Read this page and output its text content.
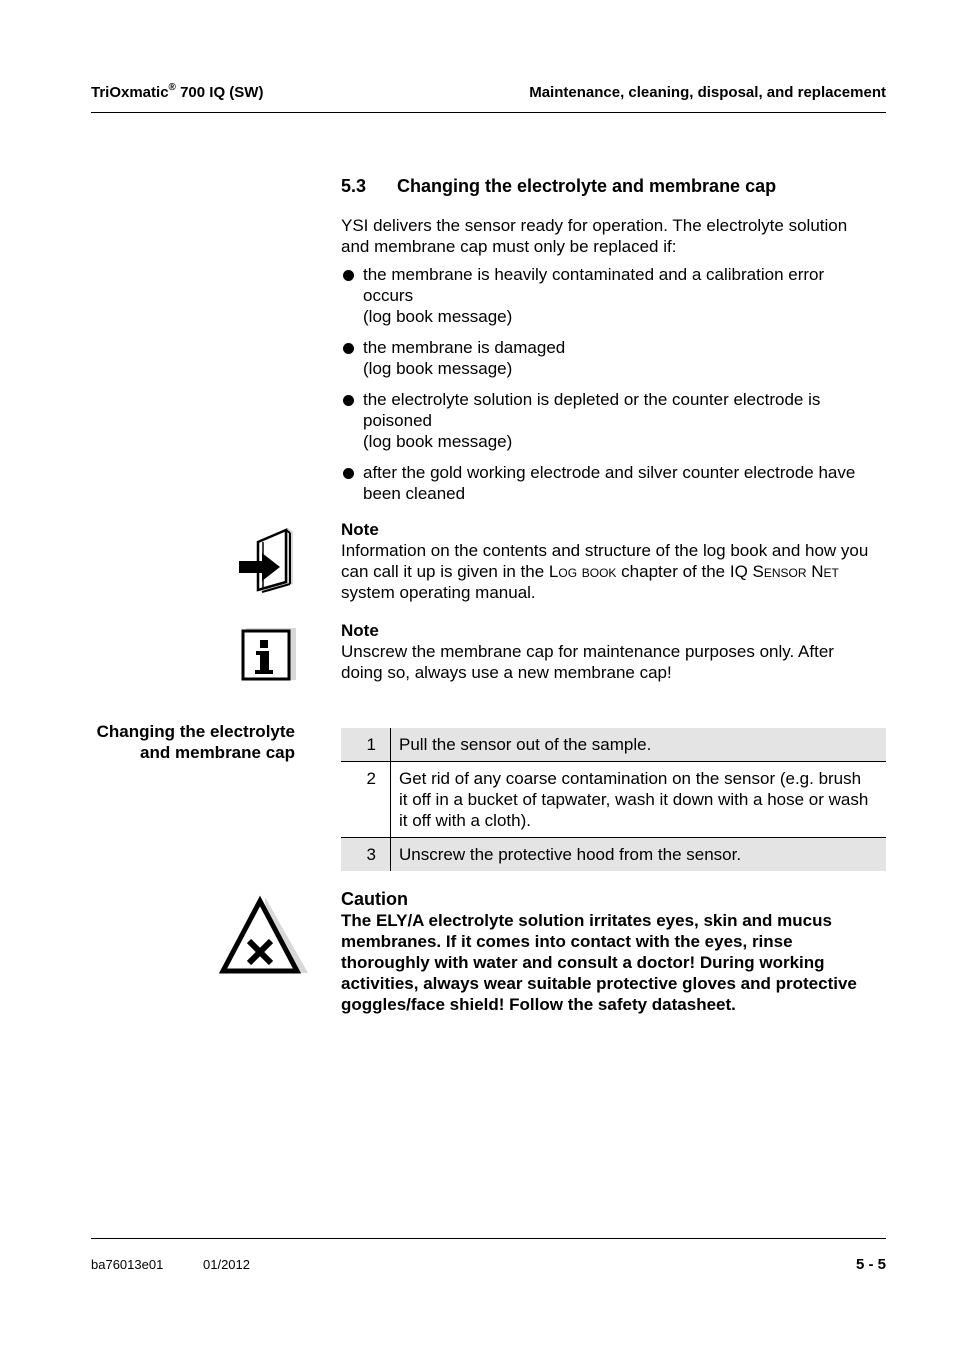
TriOxmatic® 700 IQ (SW)	Maintenance, cleaning, disposal, and replacement
5.3 Changing the electrolyte and membrane cap
YSI delivers the sensor ready for operation. The electrolyte solution
and membrane cap must only be replaced if:
the membrane is heavily contaminated and a calibration error
occurs
(log book message)
the membrane is damaged
(log book message)
the electrolyte solution is depleted or the counter electrode is
poisoned
(log book message)
after the gold working electrode and silver counter electrode have
been cleaned
Note
Information on the contents and structure of the log book and how you
can call it up is given in the Log book chapter of the IQ Sensor Net
system operating manual.
Note
Unscrew the membrane cap for maintenance purposes only. After
doing so, always use a new membrane cap!
Changing the electrolyte
and membrane cap	1	Pull the sensor out of the sample.
2	Get rid of any coarse contamination on the sensor (e.g. brush
it off in a bucket of tapwater, wash it down with a hose or wash
it off with a cloth).

3	Unscrew the protective hood from the sensor.
Caution
The ELY/A electrolyte solution irritates eyes, skin and mucus
membranes. If it comes into contact with the eyes, rinse
thoroughly with water and consult a doctor! During working
activities, always wear suitable protective gloves and protective
goggles/face shield! Follow the safety datasheet.
ba76013e01	01/2012	5 - 5
